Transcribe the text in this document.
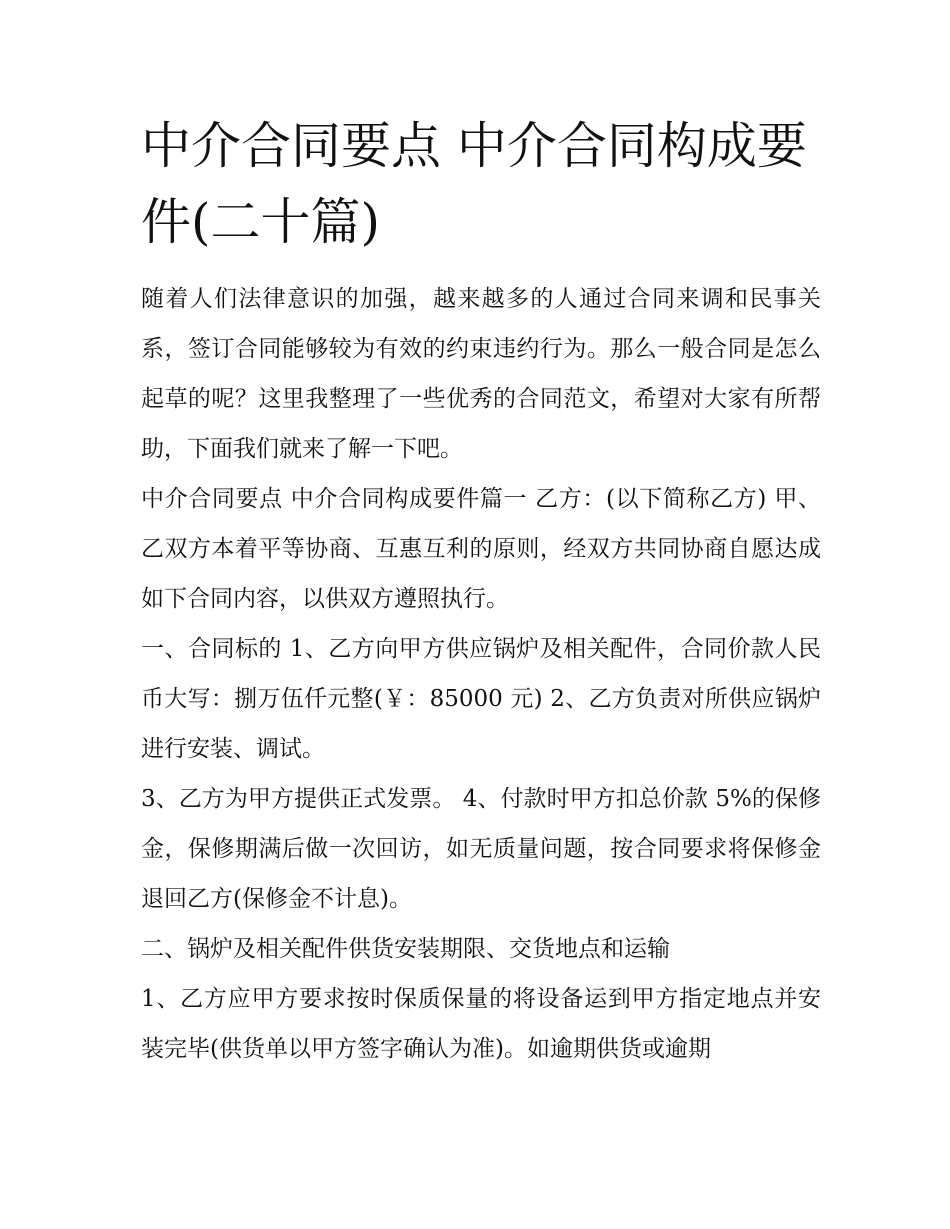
中介合同要点 中介合同构成要件(二十篇)

随着人们法律意识的加强，越来越多的人通过合同来调和民事关系，签订合同能够较为有效的约束违约行为。那么一般合同是怎么起草的呢？这里我整理了一些优秀的合同范文，希望对大家有所帮助，下面我们就来了解一下吧。

中介合同要点 中介合同构成要件篇一 乙方：(以下简称乙方) 甲、乙双方本着平等协商、互惠互利的原则，经双方共同协商自愿达成如下合同内容，以供双方遵照执行。

一、合同标的 1、乙方向甲方供应锅炉及相关配件，合同价款人民币大写：捌万伍仟元整(￥：85000 元) 2、乙方负责对所供应锅炉进行安装、调试。

3、乙方为甲方提供正式发票。 4、付款时甲方扣总价款 5%的保修金，保修期满后做一次回访，如无质量问题，按合同要求将保修金退回乙方(保修金不计息)。

二、锅炉及相关配件供货安装期限、交货地点和运输

1、乙方应甲方要求按时保质保量的将设备运到甲方指定地点并安装完毕(供货单以甲方签字确认为准)。如逾期供货或逾期
